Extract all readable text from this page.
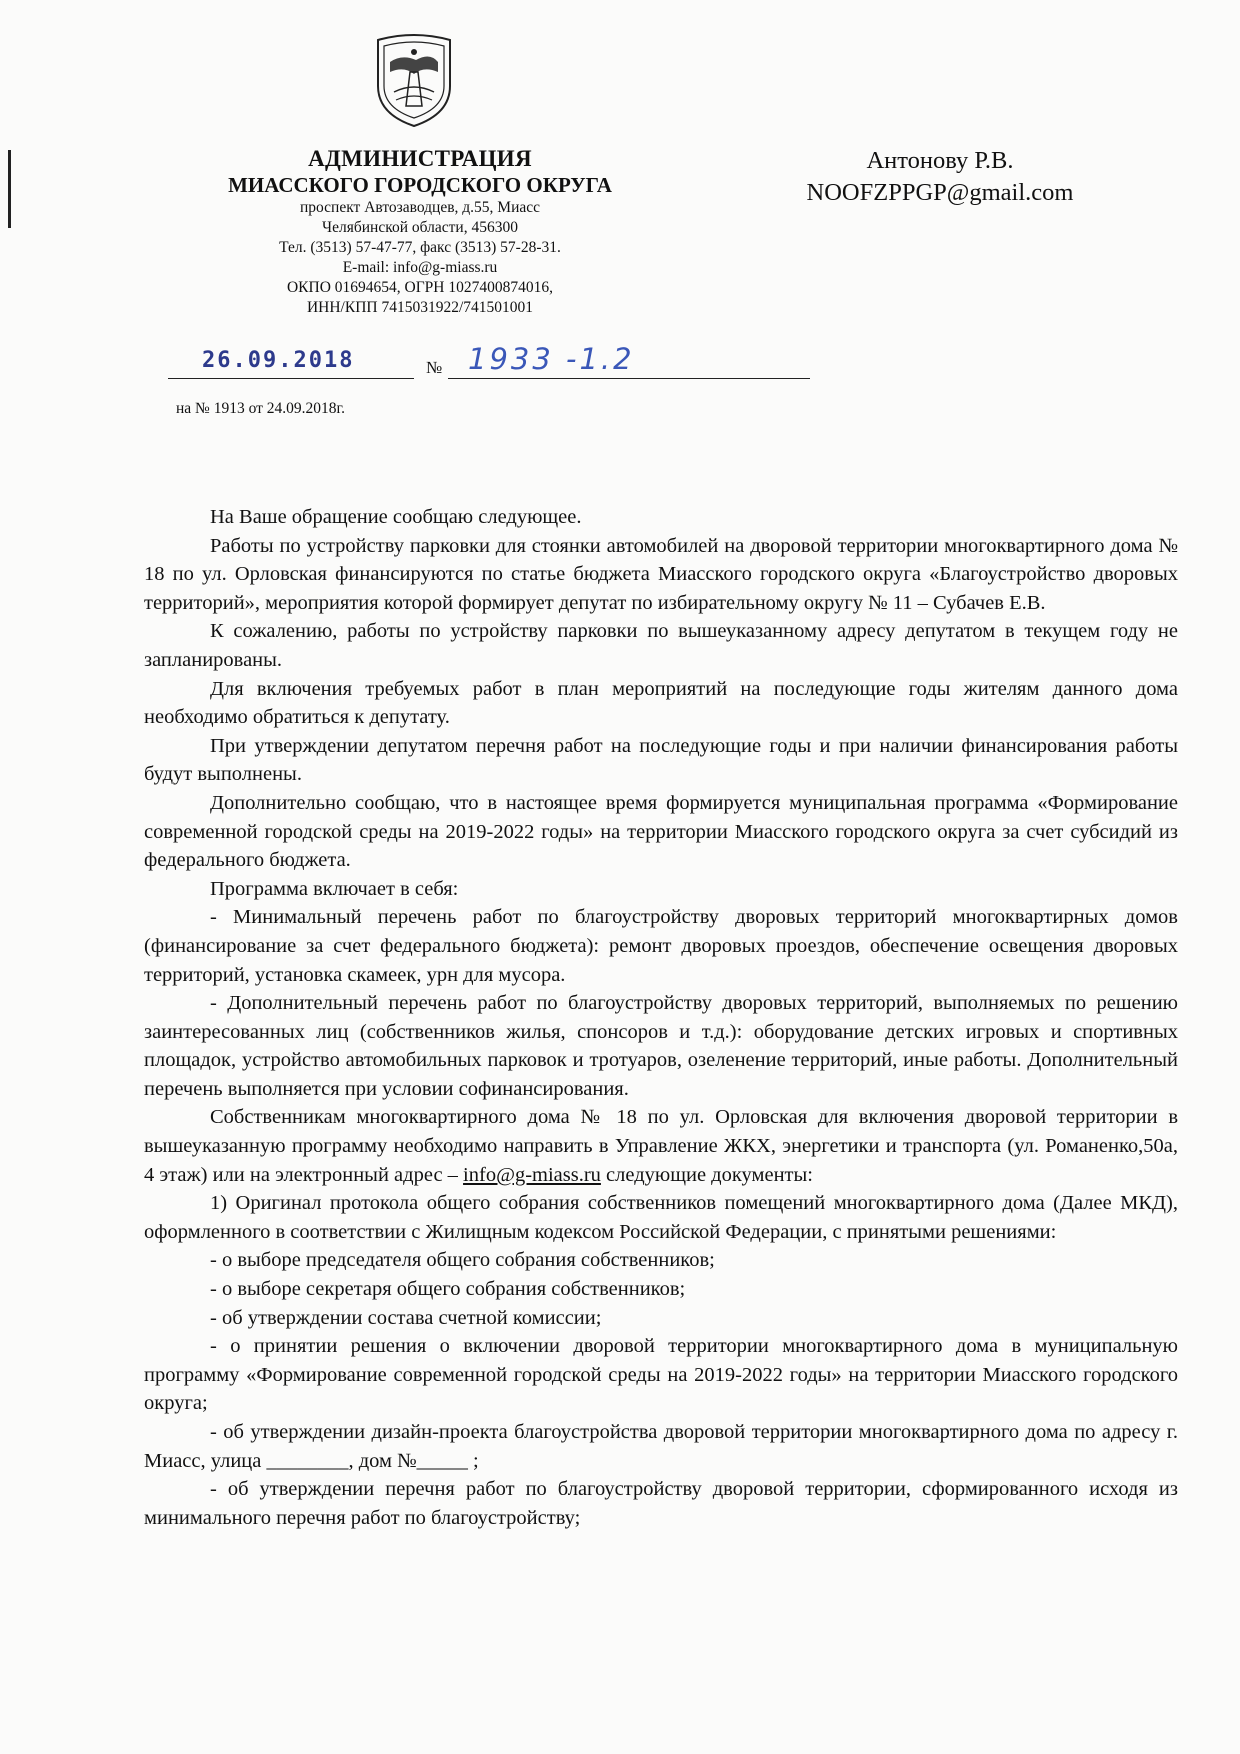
АДМИНИСТРАЦИЯ
МИАССКОГО ГОРОДСКОГО ОКРУГА
проспект Автозаводцев, д.55, Миасс
Челябинской области, 456300
Тел. (3513) 57-47-77, факс (3513) 57-28-31.
E-mail: info@g-miass.ru
ОКПО 01694654, ОГРН 1027400874016,
ИНН/КПП 7415031922/741501001
Антонову Р.В.
NOOFZPPGP@gmail.com
26.09.2018	№ 1933 -1.2
на № 1913 от 24.09.2018г.

На Ваше обращение сообщаю следующее.

Работы по устройству парковки для стоянки автомобилей на дворовой территории многоквартирного дома № 18 по ул. Орловская финансируются по статье бюджета Миасского городского округа «Благоустройство дворовых территорий», мероприятия которой формирует депутат по избирательному округу № 11 – Субачев Е.В.

К сожалению, работы по устройству парковки по вышеуказанному адресу депутатом в текущем году не запланированы.

Для включения требуемых работ в план мероприятий на последующие годы жителям данного дома необходимо обратиться к депутату.

При утверждении депутатом перечня работ на последующие годы и при наличии финансирования работы будут выполнены.

Дополнительно сообщаю, что в настоящее время формируется муниципальная программа «Формирование современной городской среды на 2019-2022 годы» на территории Миасского городского округа за счет субсидий из федерального бюджета.

Программа включает в себя:

- Минимальный перечень работ по благоустройству дворовых территорий многоквартирных домов (финансирование за счет федерального бюджета): ремонт дворовых проездов, обеспечение освещения дворовых территорий, установка скамеек, урн для мусора.

- Дополнительный перечень работ по благоустройству дворовых территорий, выполняемых по решению заинтересованных лиц (собственников жилья, спонсоров и т.д.): оборудование детских игровых и спортивных площадок, устройство автомобильных парковок и тротуаров, озеленение территорий, иные работы. Дополнительный перечень выполняется при условии софинансирования.

Собственникам многоквартирного дома № 18 по ул. Орловская для включения дворовой территории в вышеуказанную программу необходимо направить в Управление ЖКХ, энергетики и транспорта (ул. Романенко,50а, 4 этаж) или на электронный адрес – info@g-miass.ru следующие документы:

1) Оригинал протокола общего собрания собственников помещений многоквартирного дома (Далее МКД), оформленного в соответствии с Жилищным кодексом Российской Федерации, с принятыми решениями:

- о выборе председателя общего собрания собственников;

- о выборе секретаря общего собрания собственников;

- об утверждении состава счетной комиссии;

- о принятии решения о включении дворовой территории многоквартирного дома в муниципальную программу «Формирование современной городской среды на 2019-2022 годы» на территории Миасского городского округа;

- об утверждении дизайн-проекта благоустройства дворовой территории многоквартирного дома по адресу г. Миасс, улица ________, дом №_____ ;

- об утверждении перечня работ по благоустройству дворовой территории, сформированного исходя из минимального перечня работ по благоустройству;
